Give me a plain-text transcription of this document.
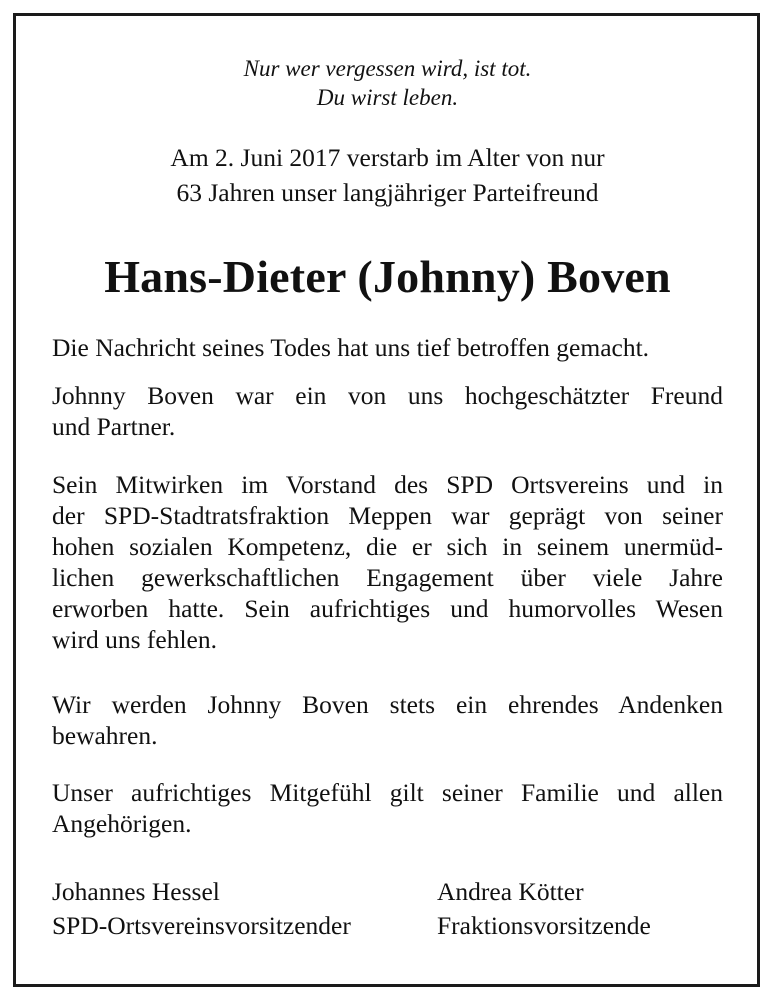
Nur wer vergessen wird, ist tot.
Du wirst leben.
Am 2. Juni 2017 verstarb im Alter von nur
63 Jahren unser langjähriger Parteifreund
Hans-Dieter (Johnny) Boven

Die Nachricht seines Todes hat uns tief betroffen gemacht.

Johnny Boven war ein von uns hochgeschätzter Freund
und Partner.

Sein Mitwirken im Vorstand des SPD Ortsvereins und in
der SPD-Stadtratsfraktion Meppen war geprägt von seiner
hohen sozialen Kompetenz, die er sich in seinem unermüd-
lichen gewerkschaftlichen Engagement über viele Jahre
erworben hatte. Sein aufrichtiges und humorvolles Wesen
wird uns fehlen.

Wir werden Johnny Boven stets ein ehrendes Andenken
bewahren.

Unser aufrichtiges Mitgefühl gilt seiner Familie und allen
Angehörigen.

Johannes Hessel
SPD-Ortsvereinsvorsitzender
Andrea Kötter
Fraktionsvorsitzende
